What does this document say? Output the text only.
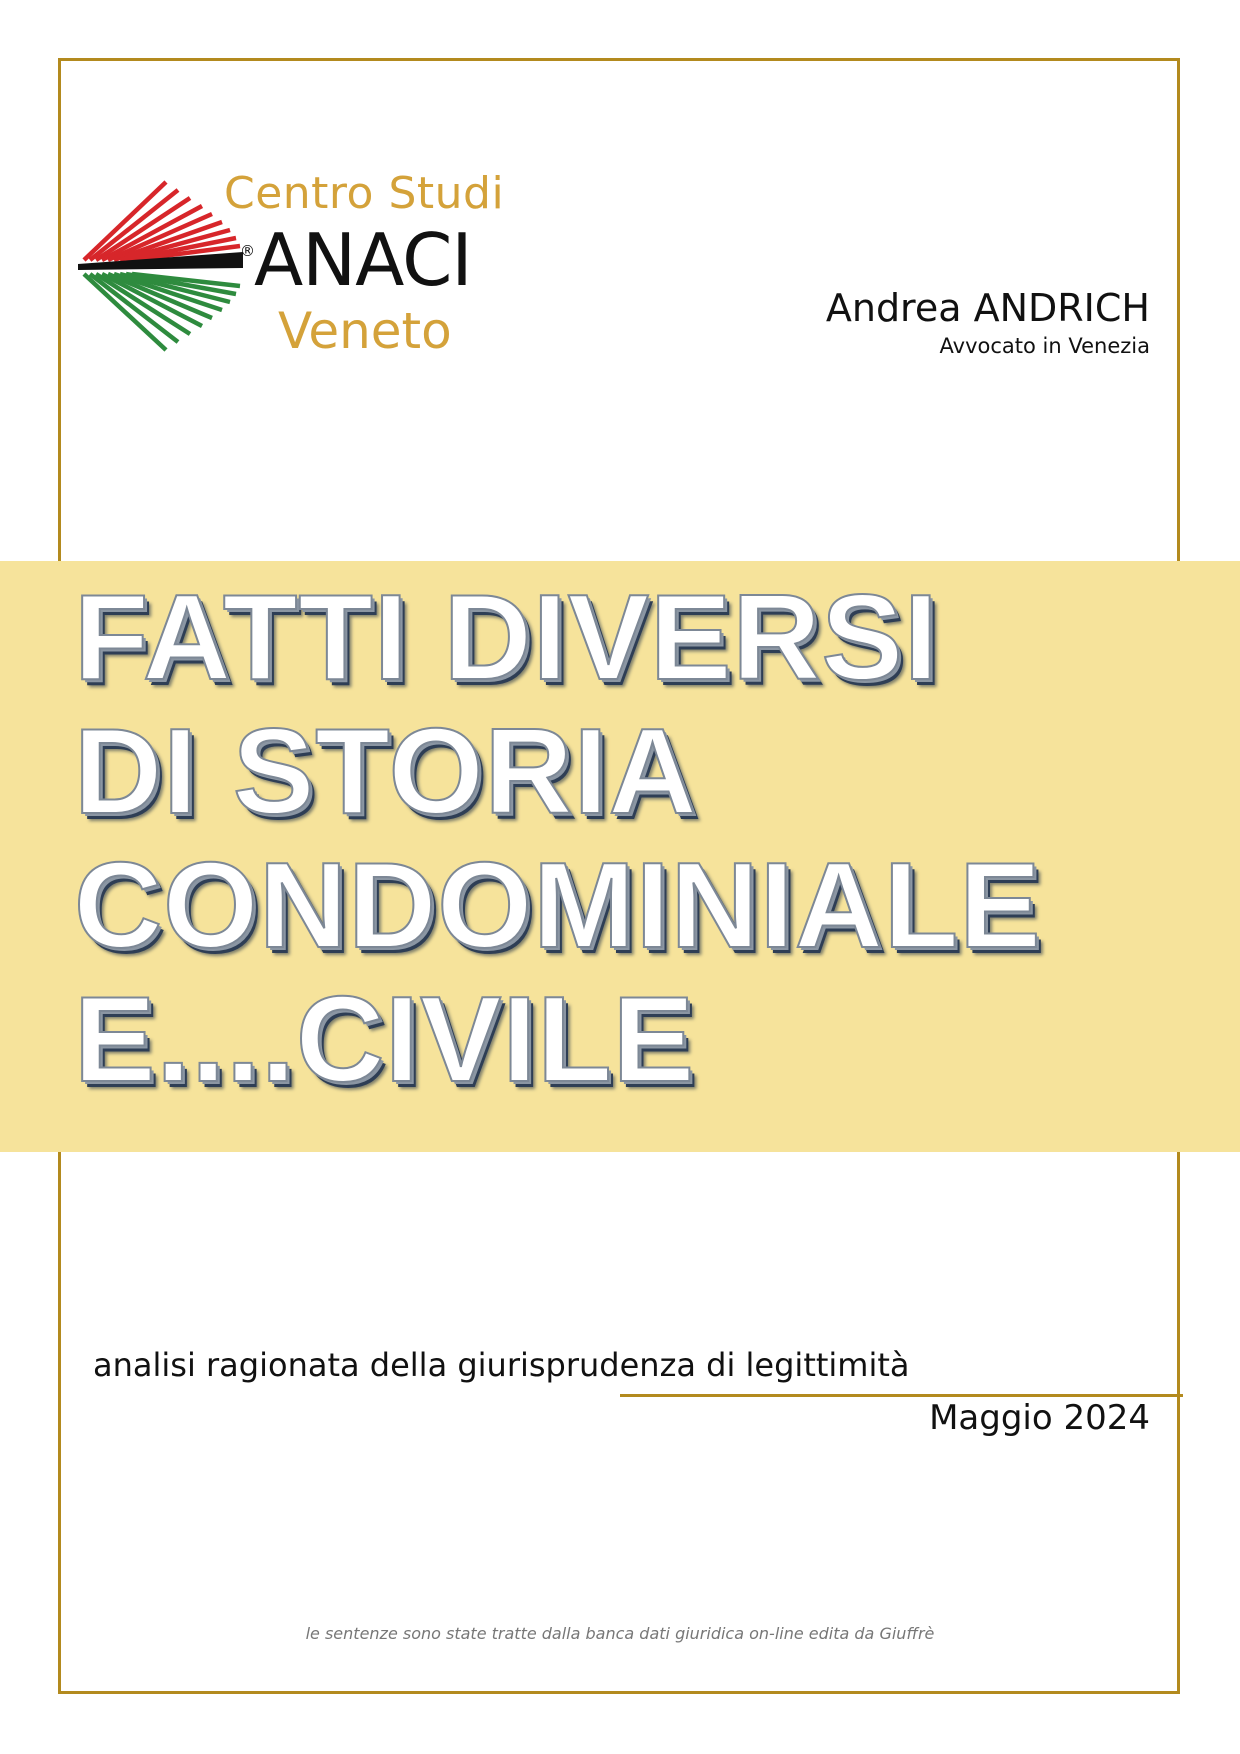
Centro Studi
® ANACI
Veneto	Andrea ANDRICH
Avvocato in Venezia
FATTI DIVERSI
DI STORIA
CONDOMINIALE
E....CIVILE
analisi ragionata della giurisprudenza di legittimità
Maggio 2024
le sentenze sono state tratte dalla banca dati giuridica on-line edita da Giuffrè
